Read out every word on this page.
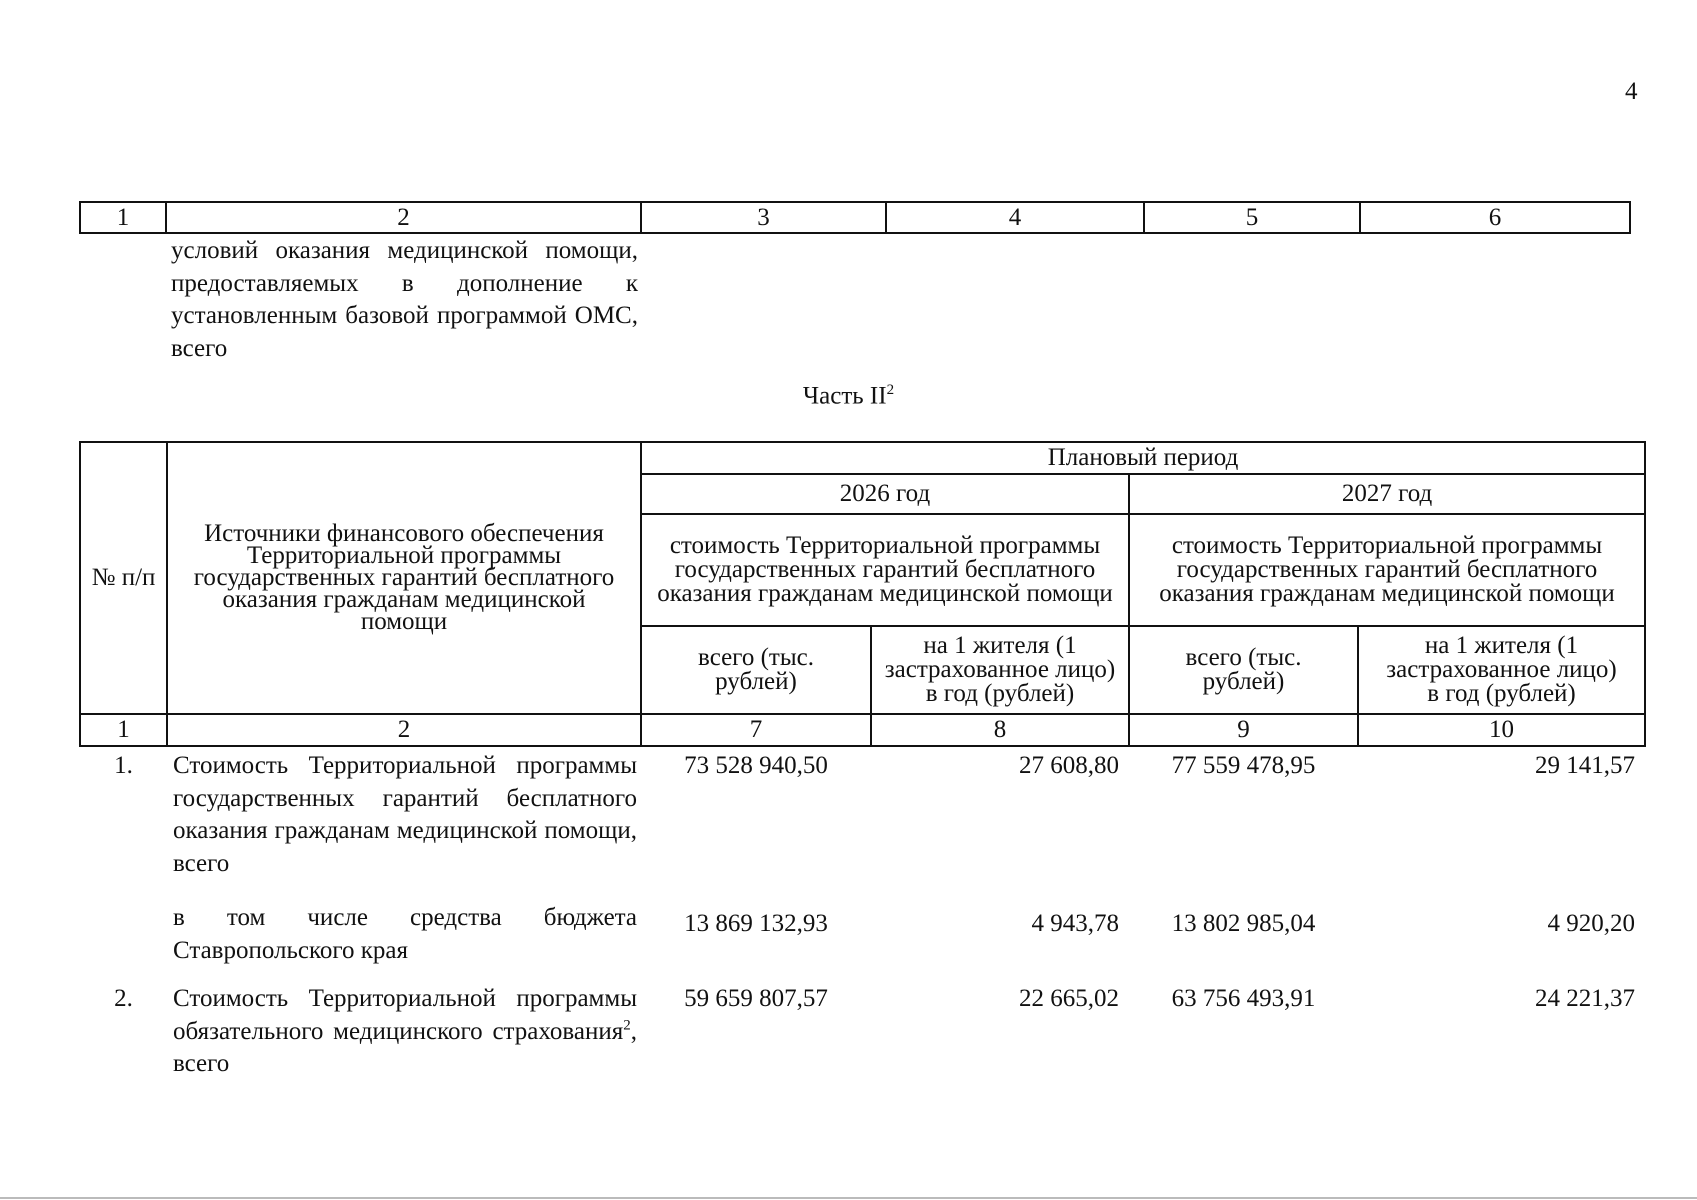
4
1	2	3	4	5	6

	условий оказания медицинской помощи, предоставляемых в дополнение к установленным базовой программой ОМС, всего				

Часть $II^2$
№ п/п	Источники финансового обеспечения Территориальной программы государственных гарантий бесплатного оказания гражданам медицинской помощи	Плановый период			
		2026 год		2027 год	
		стоимость Территориальной программы государственных гарантий бесплатного оказания гражданам медицинской помощи		стоимость Территориальной программы государственных гарантий бесплатного оказания гражданам медицинской помощи	
		всего (тыс. рублей)	на 1 жителя (1 застрахованное лицо) в год (рублей)	всего (тыс. рублей)	на 1 жителя (1 застрахованное лицо) в год (рублей)
1	2	7	8	9	10
1.	Стоимость Территориальной программы государственных гарантий бесплатного оказания гражданам медицинской помощи, всего	73 528 940,50	27 608,80	77 559 478,95	29 141,57
	в том числе средства бюджета Ставропольского края	13 869 132,93	4 943,78	13 802 985,04	4 920,20
2.	Стоимость Территориальной программы обязательного медицинского страхования$^2$, всего	59 659 807,57	22 665,02	63 756 493,91	24 221,37
